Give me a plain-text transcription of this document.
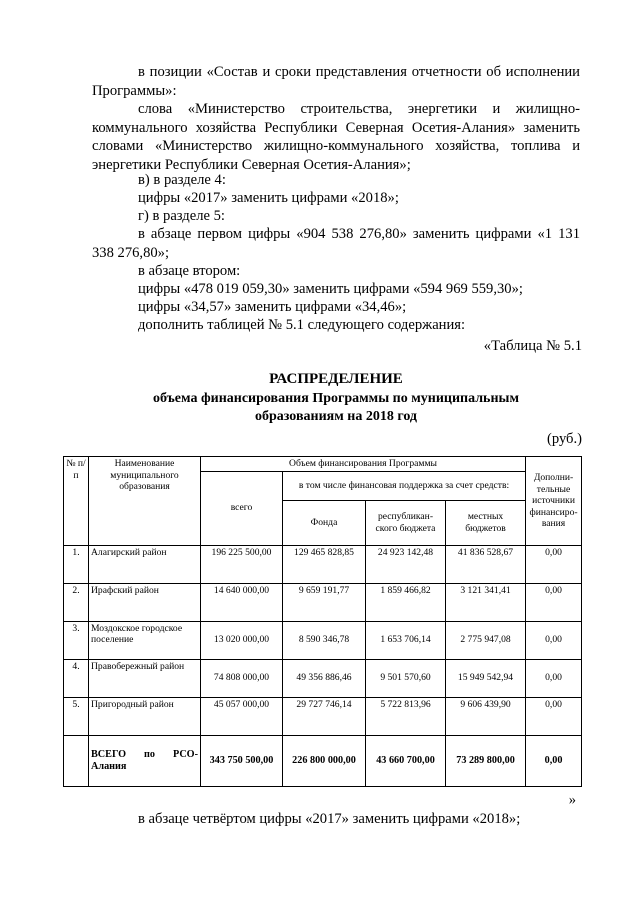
в позиции «Состав и сроки представления отчетности об исполнении Программы»:
слова «Министерство строительства, энергетики и жилищно-коммунального хозяйства Республики Северная Осетия-Алания» заменить словами «Министерство жилищно-коммунального хозяйства, топлива и энергетики Республики Северная Осетия-Алания»;
в) в разделе 4:
цифры «2017» заменить цифрами «2018»;
г) в разделе 5:
в абзаце первом цифры «904 538 276,80» заменить цифрами «1 131 338 276,80»;
в абзаце втором:
цифры «478 019 059,30» заменить цифрами «594 969 559,30»;
цифры «34,57» заменить цифрами «34,46»;
дополнить таблицей № 5.1 следующего содержания:
«Таблица № 5.1
РАСПРЕДЕЛЕНИЕ
объема финансирования Программы по муниципальным
образованиям на 2018 год
(руб.)
№ п/п	Наименование муниципального образования	Объем финансирования Программы				Дополни-тельные источники финансиро-вания
		всего	в том числе финансовая поддержка за счет средств:			
			Фонда	республикан-ского бюджета	местных бюджетов	
1.	Алагирский район	196 225 500,00	129 465 828,85	24 923 142,48	41 836 528,67	0,00
2.	Ирафский район	14 640 000,00	9 659 191,77	1 859 466,82	3 121 341,41	0,00
3.	Моздокское городское поселение	13 020 000,00	8 590 346,78	1 653 706,14	2 775 947,08	0,00
4.	Правобережный район	74 808 000,00	49 356 886,46	9 501 570,60	15 949 542,94	0,00
5.	Пригородный район	45 057 000,00	29 727 746,14	5 722 813,96	9 606 439,90	0,00
	ВСЕГО по РСО-Алания	343 750 500,00	226 800 000,00	43 660 700,00	73 289 800,00	0,00
»
в абзаце четвёртом цифры «2017» заменить цифрами «2018»;
